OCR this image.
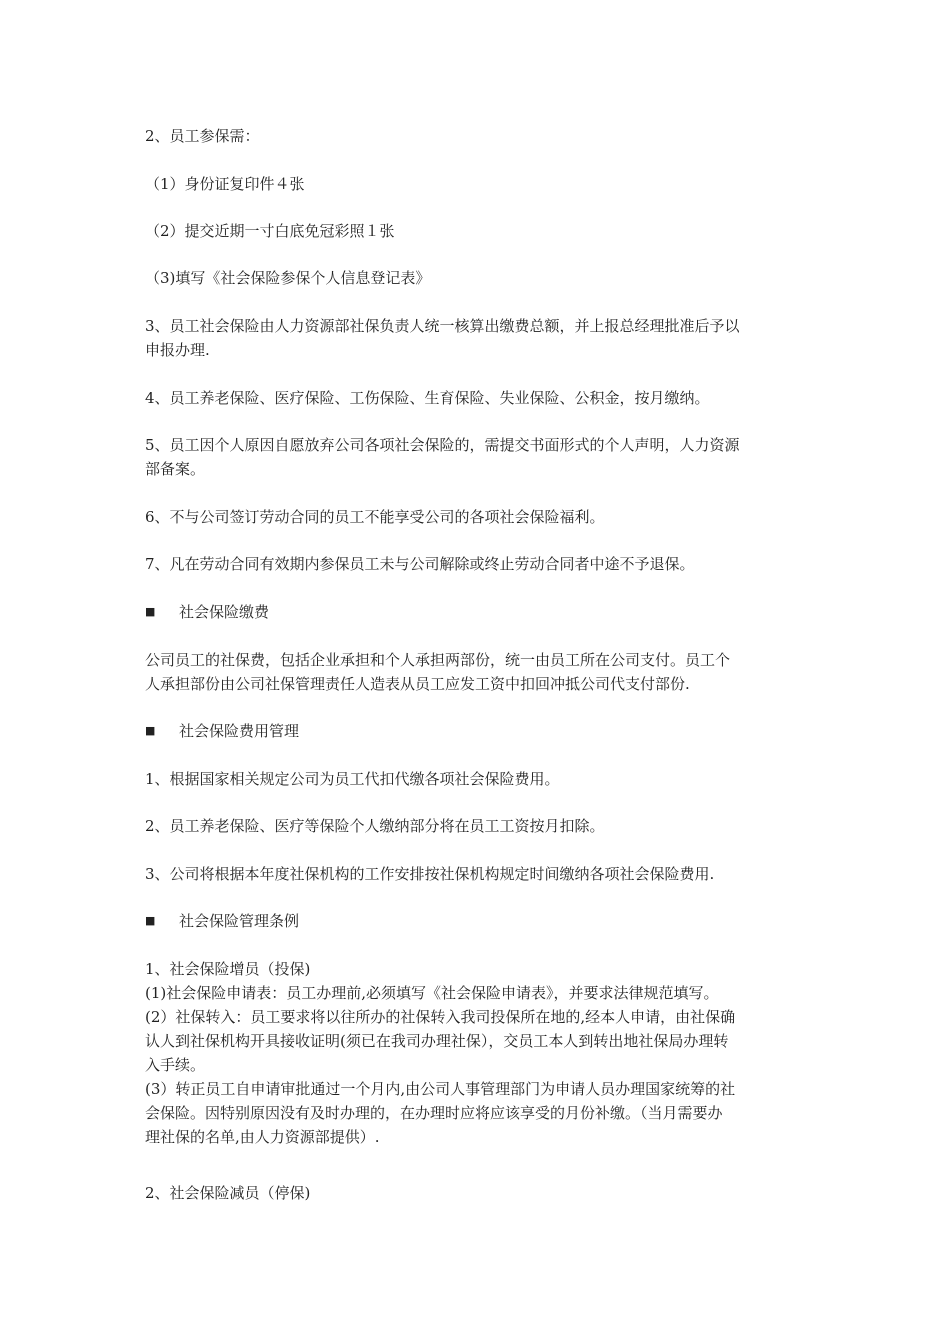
2、员工参保需：

（1）身份证复印件４张

（2）提交近期一寸白底免冠彩照１张

（3)填写《社会保险参保个人信息登记表》

3、员工社会保险由人力资源部社保负责人统一核算出缴费总额，并上报总经理批准后予以
申报办理.

4、员工养老保险、医疗保险、工伤保险、生育保险、失业保险、公积金，按月缴纳。

5、员工因个人原因自愿放弃公司各项社会保险的，需提交书面形式的个人声明，人力资源
部备案。

6、不与公司签订劳动合同的员工不能享受公司的各项社会保险福利。

7、凡在劳动合同有效期内参保员工未与公司解除或终止劳动合同者中途不予退保。

■ 社会保险缴费

公司员工的社保费，包括企业承担和个人承担两部份，统一由员工所在公司支付。员工个
人承担部份由公司社保管理责任人造表从员工应发工资中扣回冲抵公司代支付部份.

■ 社会保险费用管理

1、根据国家相关规定公司为员工代扣代缴各项社会保险费用。

2、员工养老保险、医疗等保险个人缴纳部分将在员工工资按月扣除。

3、公司将根据本年度社保机构的工作安排按社保机构规定时间缴纳各项社会保险费用.

■ 社会保险管理条例

1、社会保险增员（投保)
(1)社会保险申请表：员工办理前,必须填写《社会保险申请表》，并要求法律规范填写。
(2）社保转入：员工要求将以往所办的社保转入我司投保所在地的,经本人申请，由社保确
认人到社保机构开具接收证明(须已在我司办理社保），交员工本人到转出地社保局办理转
入手续。
(3）转正员工自申请审批通过一个月内,由公司人事管理部门为申请人员办理国家统筹的社
会保险。因特别原因没有及时办理的，在办理时应将应该享受的月份补缴。（当月需要办
理社保的名单,由人力资源部提供）.

2、社会保险减员（停保)
